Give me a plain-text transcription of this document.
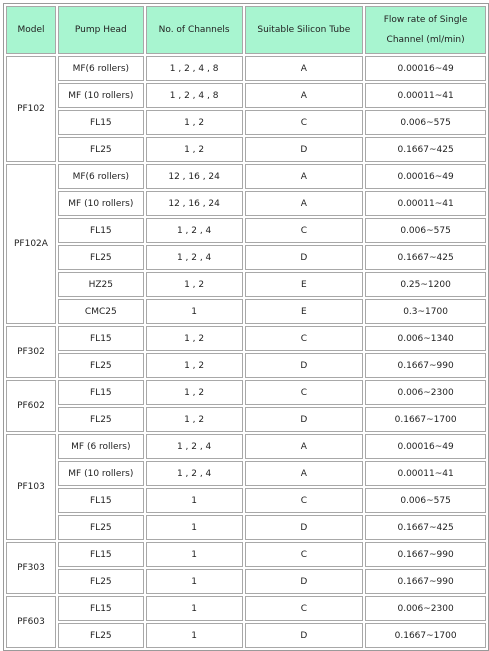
Model	Pump Head	No. of Channels	Suitable Silicon Tube	Flow rate of Single
Channel (ml/min)
PF102	MF(6 rollers)	1 , 2 , 4 , 8	A	0.00016~49
	MF (10 rollers)	1 , 2 , 4 , 8	A	0.00011~41
	FL15	1 , 2	C	0.006~575
	FL25	1 , 2	D	0.1667~425
PF102A	MF(6 rollers)	12 , 16 , 24	A	0.00016~49
	MF (10 rollers)	12 , 16 , 24	A	0.00011~41
	FL15	1 , 2 , 4	C	0.006~575
	FL25	1 , 2 , 4	D	0.1667~425
	HZ25	1 , 2	E	0.25~1200
	CMC25	1	E	0.3~1700
PF302	FL15	1 , 2	C	0.006~1340
	FL25	1 , 2	D	0.1667~990
PF602	FL15	1 , 2	C	0.006~2300
	FL25	1 , 2	D	0.1667~1700
PF103	MF (6 rollers)	1 , 2 , 4	A	0.00016~49
	MF (10 rollers)	1 , 2 , 4	A	0.00011~41
	FL15	1	C	0.006~575
	FL25	1	D	0.1667~425
PF303	FL15	1	C	0.1667~990
	FL25	1	D	0.1667~990
PF603	FL15	1	C	0.006~2300
	FL25	1	D	0.1667~1700
